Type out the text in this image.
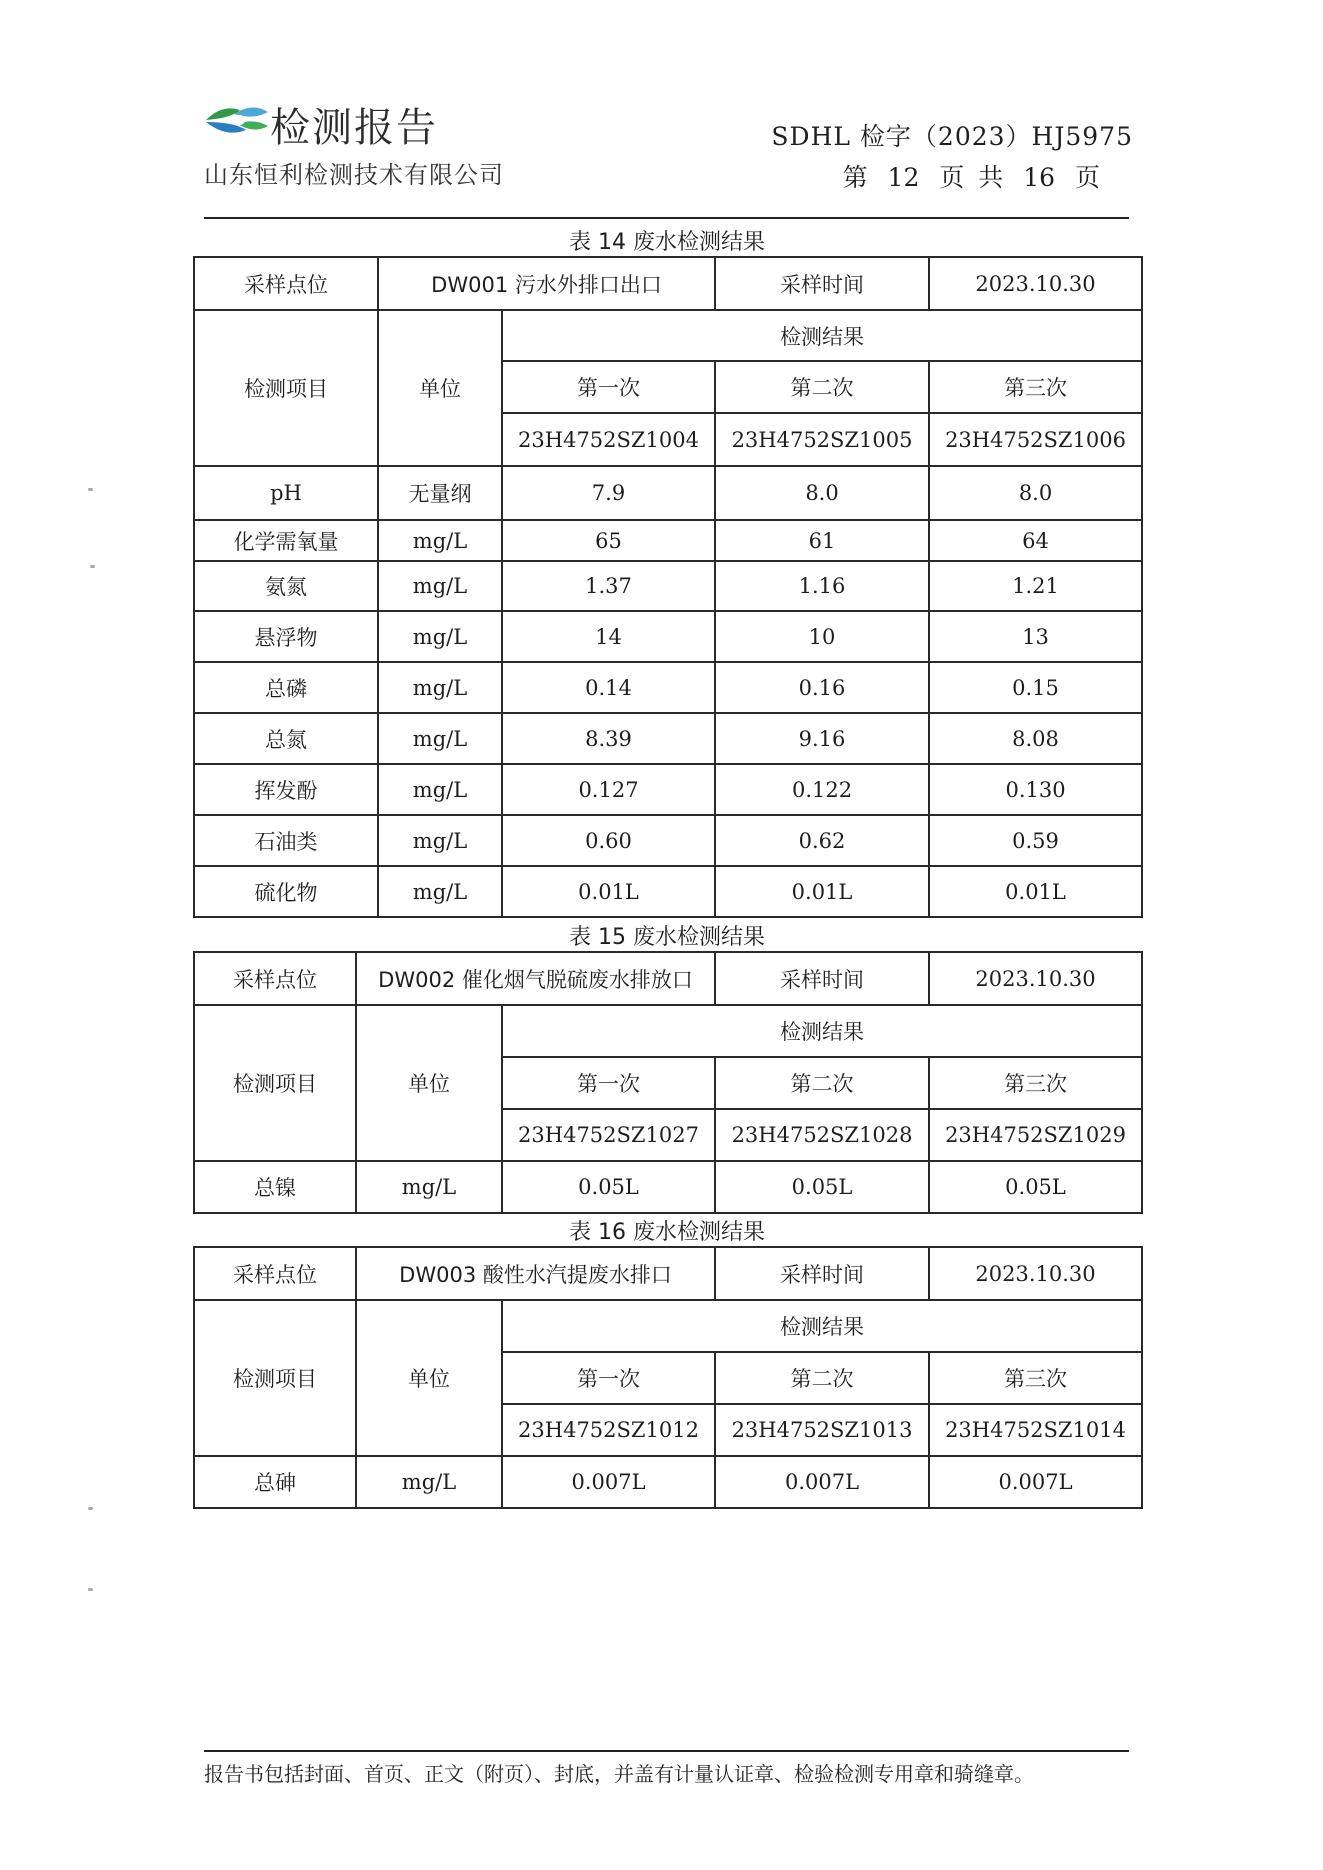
检测报告
山东恒利检测技术有限公司
SDHL 检字（2023）HJ5975
第 12 页 共 16 页
表 14 废水检测结果
采样点位	DW001 污水外排口出口		采样时间	2023.10.30
检测项目	单位	检测结果		
		第一次	第二次	第三次
		23H4752SZ1004	23H4752SZ1005	23H4752SZ1006
pH	无量纲	7.9	8.0	8.0
化学需氧量	mg/L	65	61	64
氨氮	mg/L	1.37	1.16	1.21
悬浮物	mg/L	14	10	13
总磷	mg/L	0.14	0.16	0.15
总氮	mg/L	8.39	9.16	8.08
挥发酚	mg/L	0.127	0.122	0.130
石油类	mg/L	0.60	0.62	0.59
硫化物	mg/L	0.01L	0.01L	0.01L
表 15 废水检测结果
采样点位	DW002 催化烟气脱硫废水排放口		采样时间	2023.10.30
检测项目	单位	检测结果		
		第一次	第二次	第三次
		23H4752SZ1027	23H4752SZ1028	23H4752SZ1029
总镍	mg/L	0.05L	0.05L	0.05L
表 16 废水检测结果
采样点位	DW003 酸性水汽提废水排口		采样时间	2023.10.30
检测项目	单位	检测结果		
		第一次	第二次	第三次
		23H4752SZ1012	23H4752SZ1013	23H4752SZ1014
总砷	mg/L	0.007L	0.007L	0.007L
报告书包括封面、首页、正文（附页）、封底，并盖有计量认证章、检验检测专用章和骑缝章。
